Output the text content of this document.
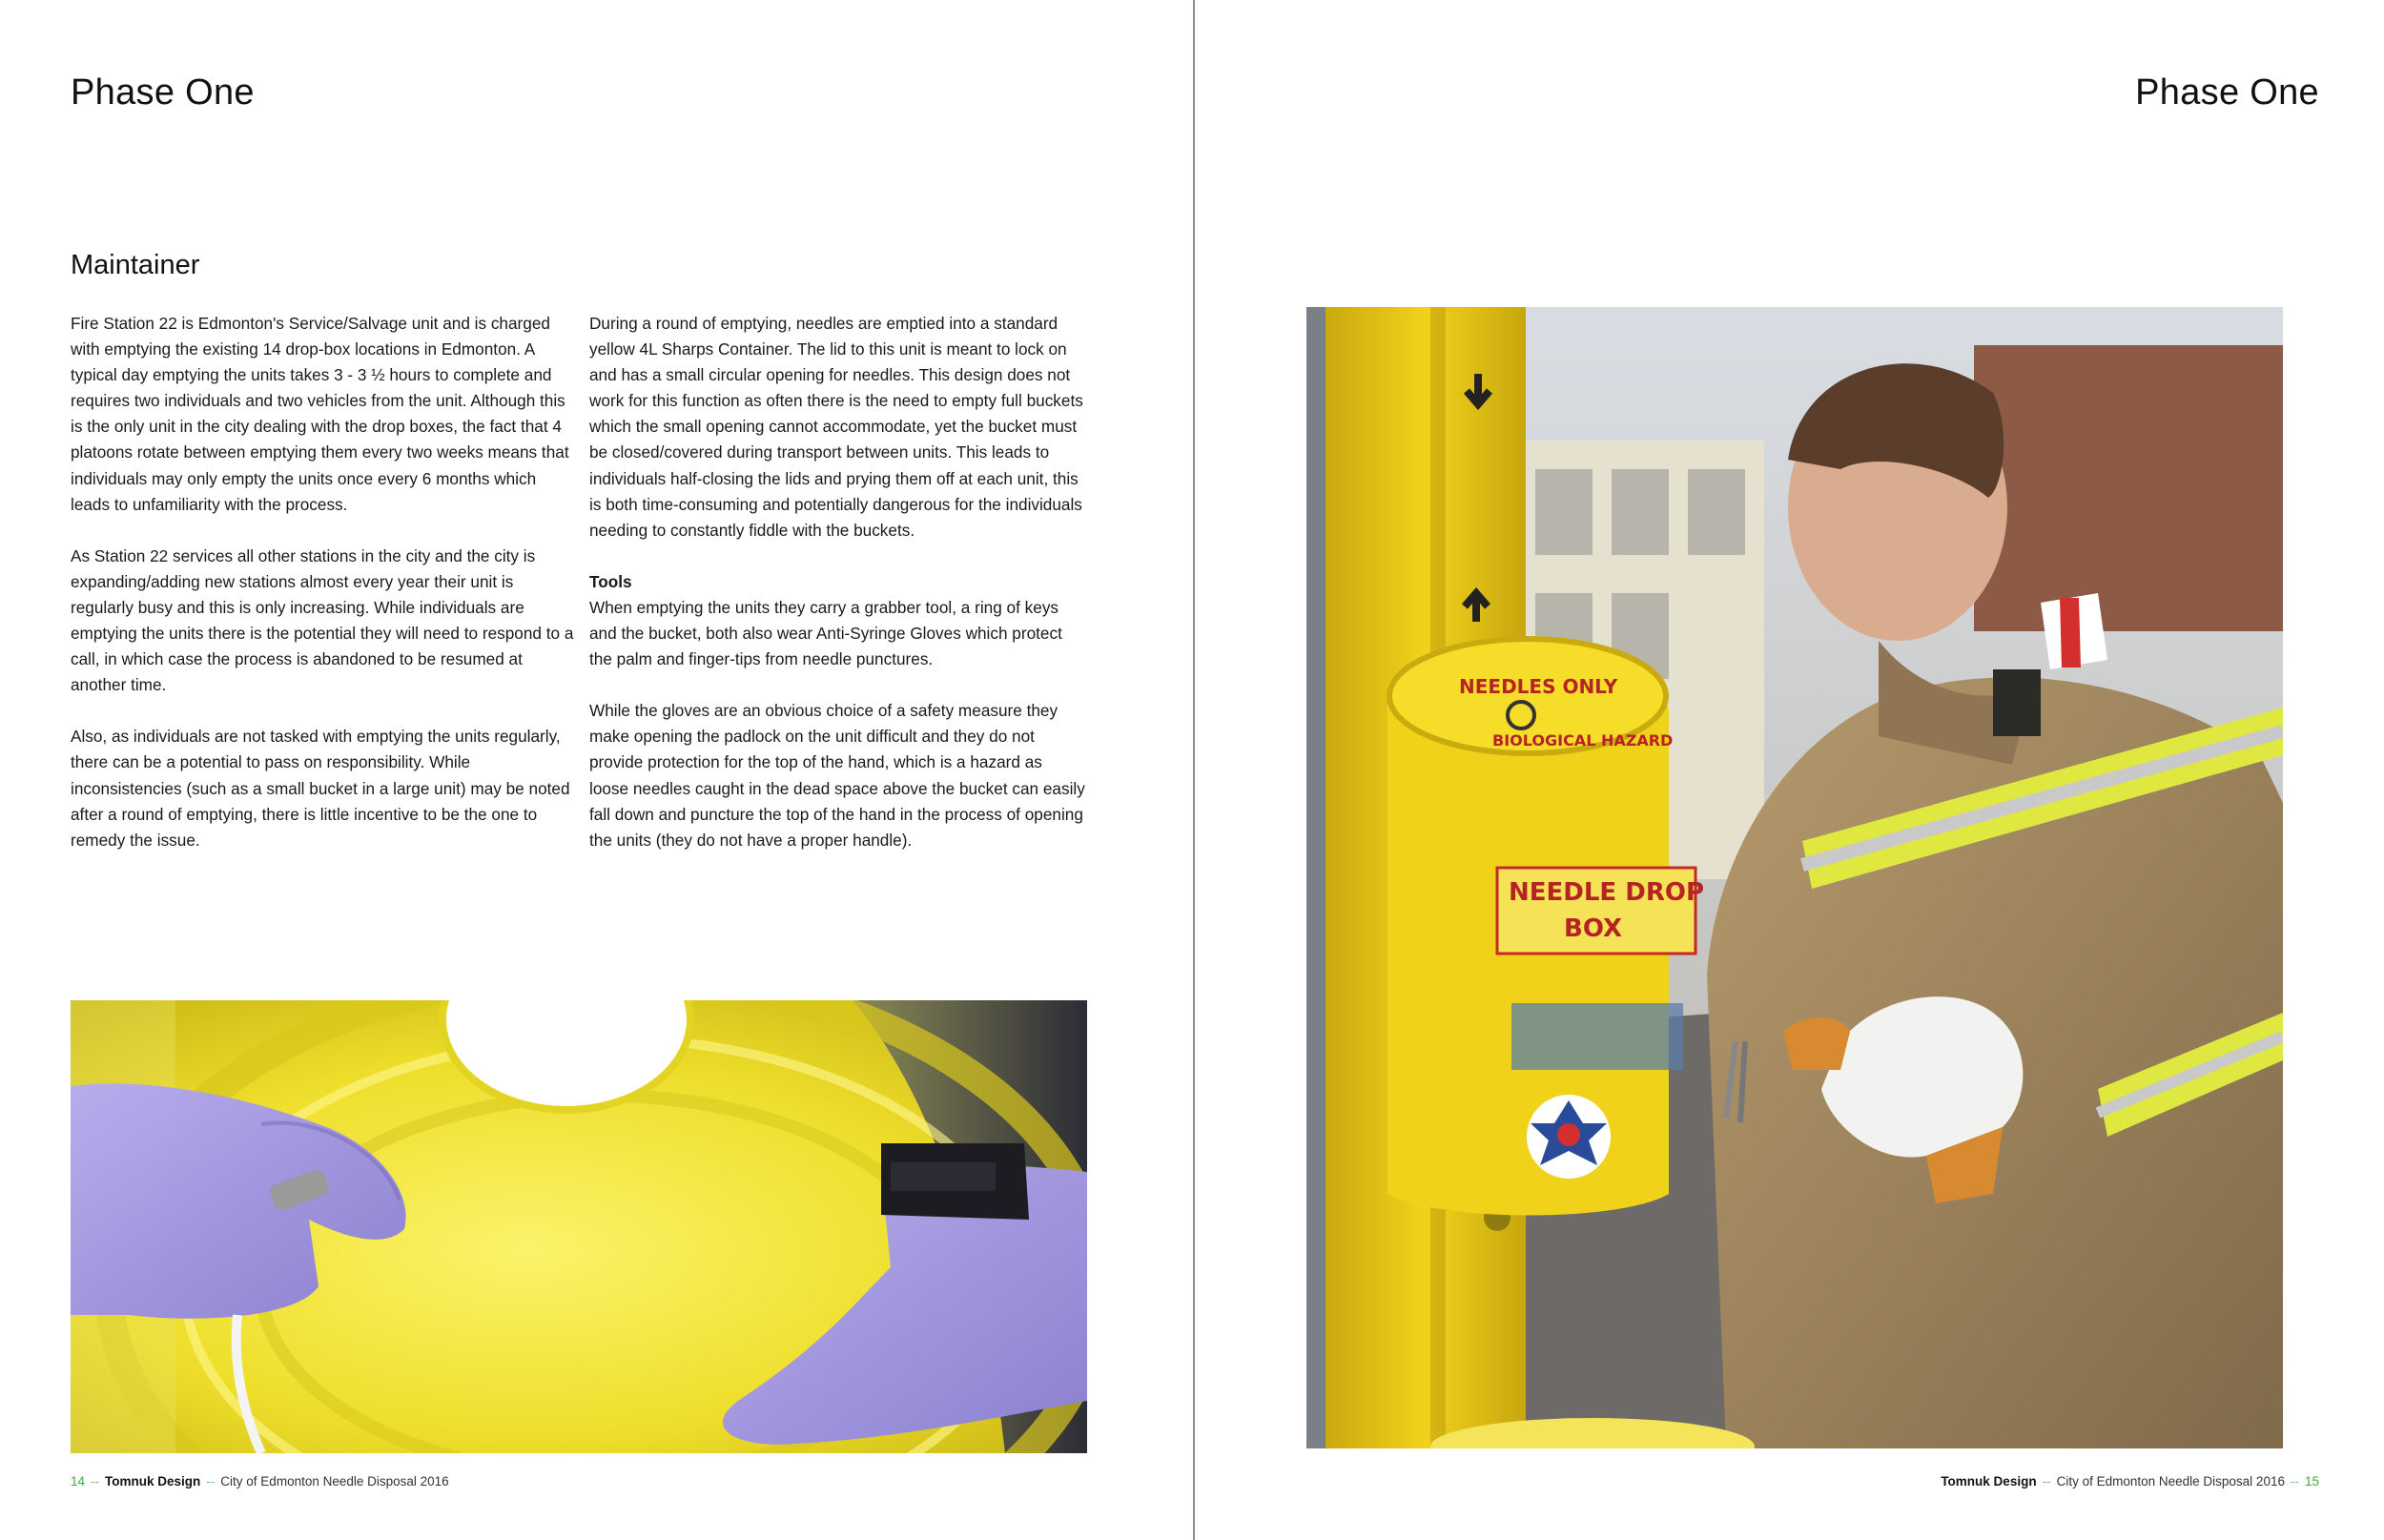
Phase One
Maintainer

Fire Station 22 is Edmonton's Service/Salvage unit and is charged with emptying the existing 14 drop-box locations in Edmonton. A typical day emptying the units takes 3 - 3 ½ hours to complete and requires two individuals and two vehicles from the unit. Although this is the only unit in the city dealing with the drop boxes, the fact that 4 platoons rotate between emptying them every two weeks means that individuals may only empty the units once every 6 months which leads to unfamiliarity with the process.

As Station 22 services all other stations in the city and the city is expanding/adding new stations almost every year their unit is regularly busy and this is only increasing. While individuals are emptying the units there is the potential they will need to respond to a call, in which case the process is abandoned to be resumed at another time.

Also, as individuals are not tasked with emptying the units regularly, there can be a potential to pass on responsibility. While inconsistencies (such as a small bucket in a large unit) may be noted after a round of emptying, there is little incentive to be the one to remedy the issue.

During a round of emptying, needles are emptied into a standard yellow 4L Sharps Container. The lid to this unit is meant to lock on and has a small circular opening for needles. This design does not work for this function as often there is the need to empty full buckets which the small opening cannot accommodate, yet the bucket must be closed/covered during transport between units. This leads to individuals half-closing the lids and prying them off at each unit, this is both time-consuming and potentially dangerous for the individuals needing to constantly fiddle with the buckets.

Tools

When emptying the units they carry a grabber tool, a ring of keys and the bucket, both also wear Anti-Syringe Gloves which protect the palm and finger-tips from needle punctures.

While the gloves are an obvious choice of a safety measure they make opening the padlock on the unit difficult and they do not provide protection for the top of the hand, which is a hazard as loose needles caught in the dead space above the bucket can easily fall down and puncture the top of the hand in the process of opening the units (they do not have a proper handle).

14 -- Tomnuk Design -- City of Edmonton Needle Disposal 2016
Phase One
Tomnuk Design -- City of Edmonton Needle Disposal 2016 -- 15
NEEDLES ONLY
BIOLOGICAL HAZARD
NEEDLE DROP
BOX
